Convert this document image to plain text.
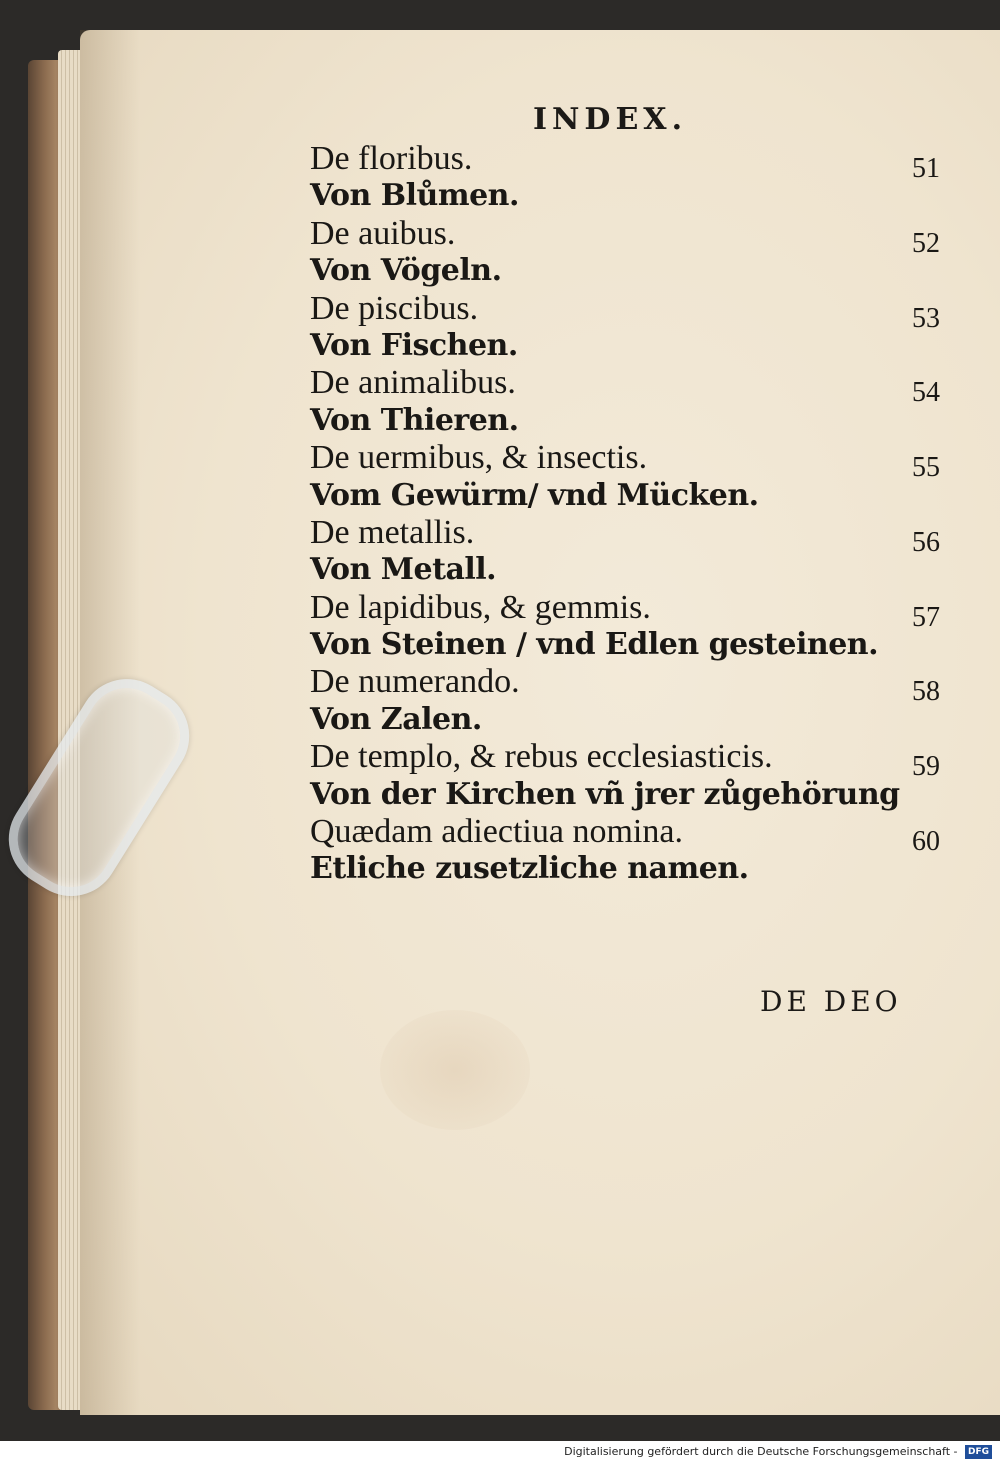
INDEX.
De floribus.	51
Von Blůmen.
De auibus.	52
Von Vögeln.
De piscibus.	53
Von Fischen.
De animalibus.	54
Von Thieren.
De uermibus, & insectis.	55
Vom Gewürm/ vnd Mücken.
De metallis.	56
Von Metall.
De lapidibus, & gemmis.	57
Von Steinen / vnd Edlen gesteinen.
De numerando.	58
Von Zalen.
De templo, & rebus ecclesiasticis.	59
Von der Kirchen vñ jrer zůgehörung
Quædam adiectiua nomina.	60
Etliche zusetzliche namen.
DE DEO
Digitalisierung gefördert durch die Deutsche Forschungsgemeinschaft - DFG
